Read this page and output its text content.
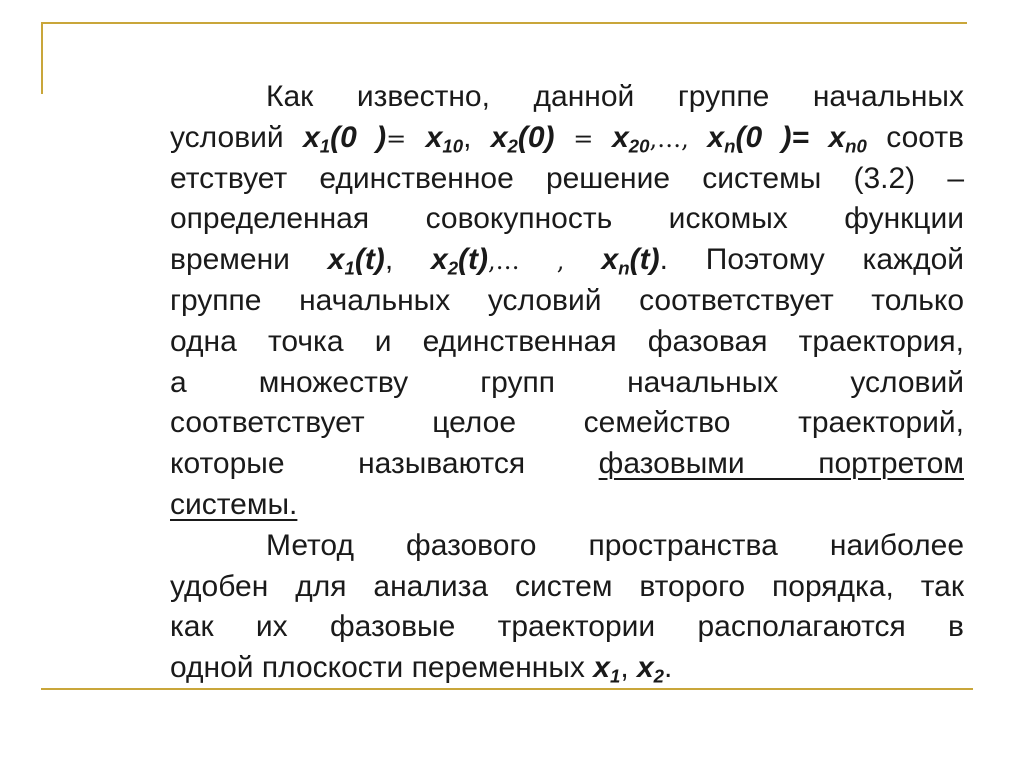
Как известно, данной группе начальных
условий x1(0 )= x10, x2(0) = x20,…, xn(0 )= xn0 соотв
етствует единственное решение системы (3.2) –
определенная совокупность искомых функции
времени x1(t), x2(t),… , xn(t). Поэтому каждой
группе начальных условий соответствует только
одна точка и единственная фазовая траектория,
а множеству групп начальных условий
соответствует целое семейство траекторий,
которые называются фазовыми портретом
системы.
Метод фазового пространства наиболее
удобен для анализа систем второго порядка, так
как их фазовые траектории располагаются в
одной плоскости переменных x1, x2.
